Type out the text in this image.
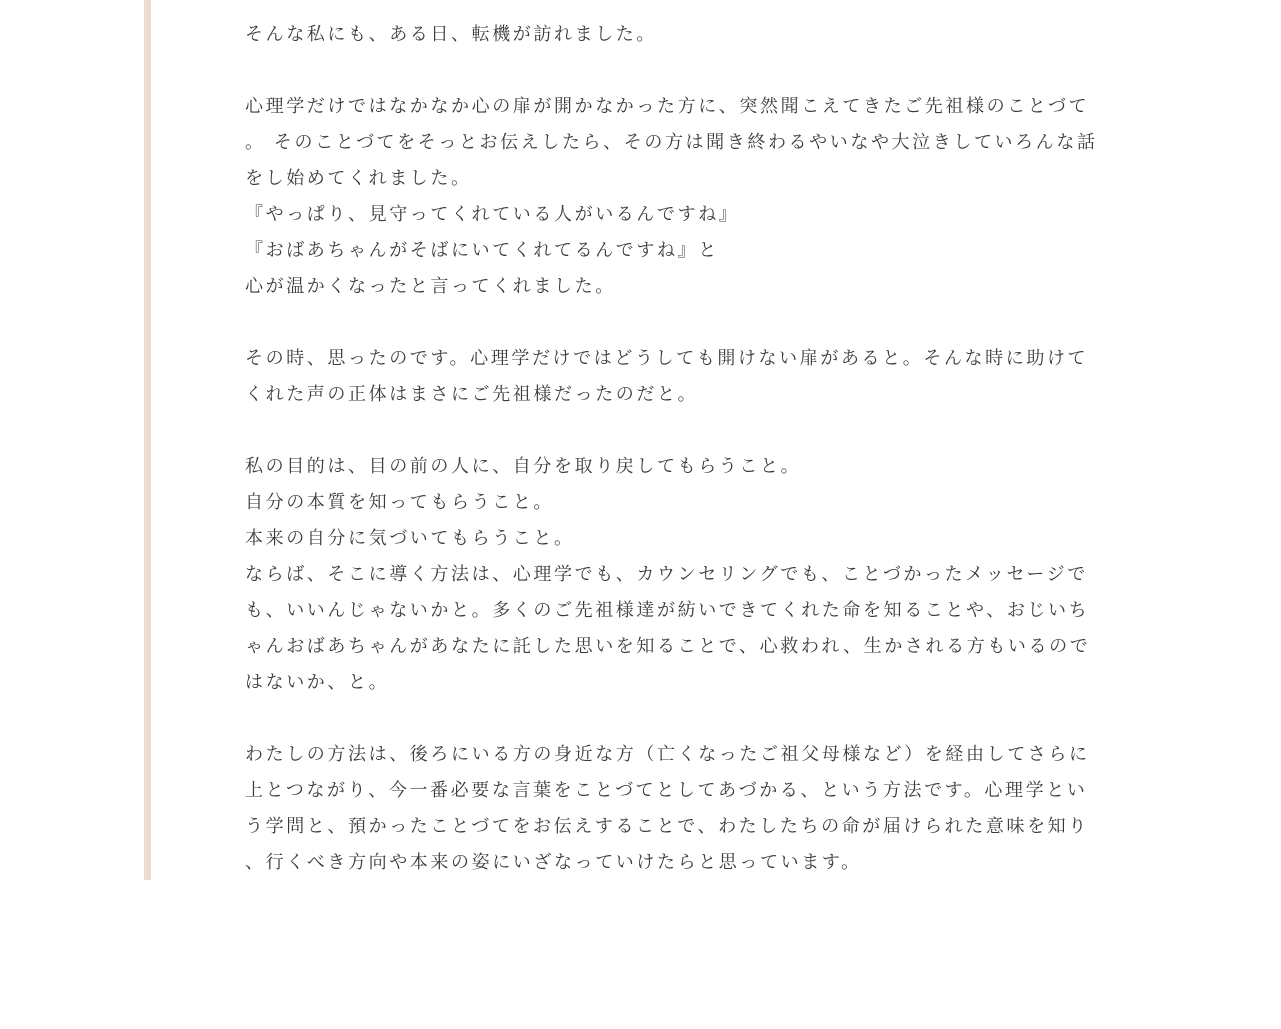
そんな私にも、ある日、転機が訪れました。
心理学だけではなかなか心の扉が開かなかった方に、突然聞こえてきたご先祖様のことづて
。 そのことづてをそっとお伝えしたら、その方は聞き終わるやいなや大泣きしていろんな話
をし始めてくれました。
『やっぱり、見守ってくれている人がいるんですね』
『おばあちゃんがそばにいてくれてるんですね』と
心が温かくなったと言ってくれました。
その時、思ったのです。心理学だけではどうしても開けない扉があると。そんな時に助けて
くれた声の正体はまさにご先祖様だったのだと。
私の目的は、目の前の人に、自分を取り戻してもらうこと。
自分の本質を知ってもらうこと。
本来の自分に気づいてもらうこと。
ならば、そこに導く方法は、心理学でも、カウンセリングでも、ことづかったメッセージで
も、いいんじゃないかと。多くのご先祖様達が紡いできてくれた命を知ることや、おじいち
ゃんおばあちゃんがあなたに託した思いを知ることで、心救われ、生かされる方もいるので
はないか、と。
わたしの方法は、後ろにいる方の身近な方（亡くなったご祖父母様など）を経由してさらに
上とつながり、今一番必要な言葉をことづてとしてあづかる、という方法です。心理学とい
う学問と、預かったことづてをお伝えすることで、わたしたちの命が届けられた意味を知り
、行くべき方向や本来の姿にいざなっていけたらと思っています。
